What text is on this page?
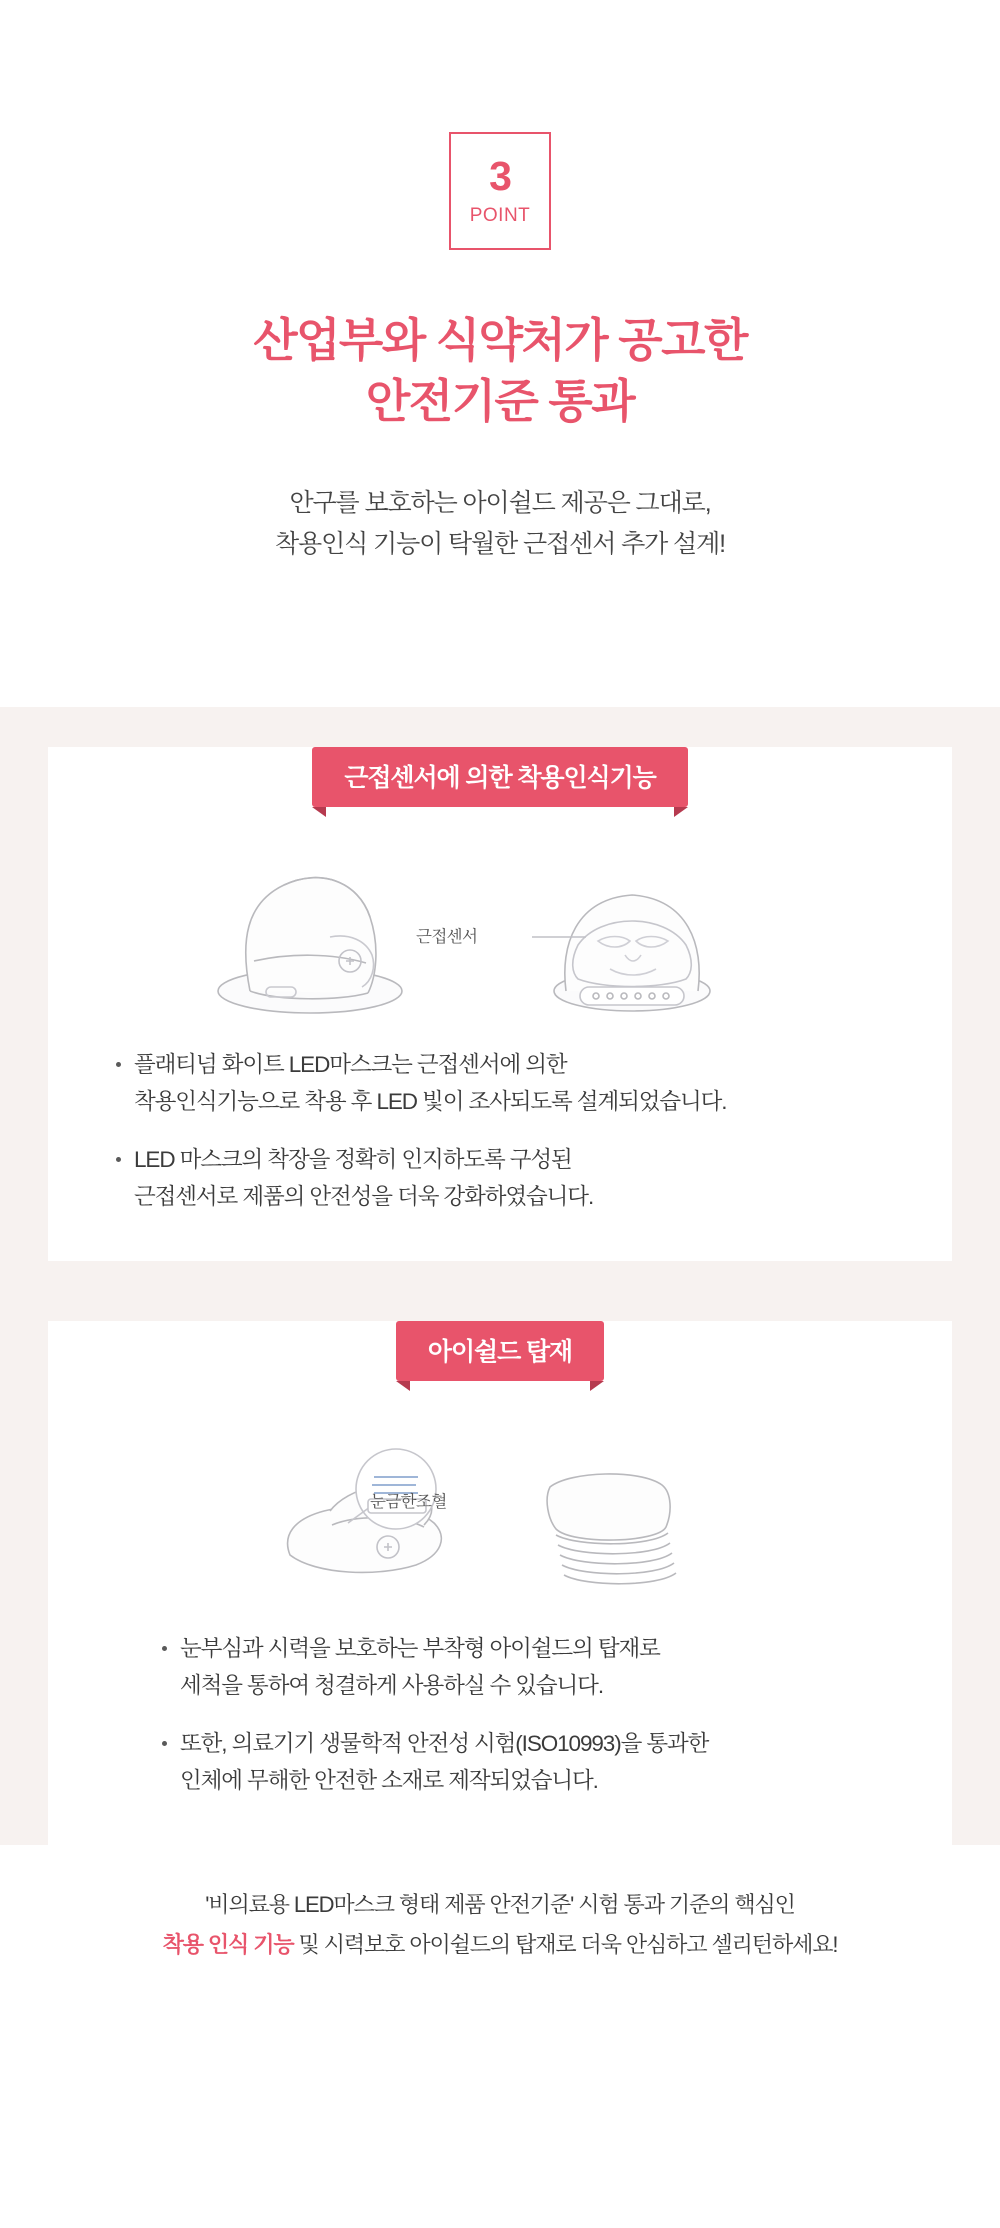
3
POINT
산업부와 식약처가 공고한
안전기준 통과

안구를 보호하는 아이쉴드 제공은 그대로,
착용인식 기능이 탁월한 근접센서 추가 설계!

근접센서에 의한 착용인식기능
근접센서
플래티넘 화이트 LED마스크는 근접센서에 의한
착용인식기능으로 착용 후 LED 빛이 조사되도록 설계되었습니다.
LED 마스크의 착장을 정확히 인지하도록 구성된
근접센서로 제품의 안전성을 더욱 강화하였습니다.
아이쉴드 탑재
눈금한조혈
눈부심과 시력을 보호하는 부착형 아이쉴드의 탑재로
세척을 통하여 청결하게 사용하실 수 있습니다.
또한, 의료기기 생물학적 안전성 시험(ISO10993)을 통과한
인체에 무해한 안전한 소재로 제작되었습니다.
'비의료용 LED마스크 형태 제품 안전기준' 시험 통과 기준의 핵심인
착용 인식 기능 및 시력보호 아이쉴드의 탑재로 더욱 안심하고 셀리턴하세요!
